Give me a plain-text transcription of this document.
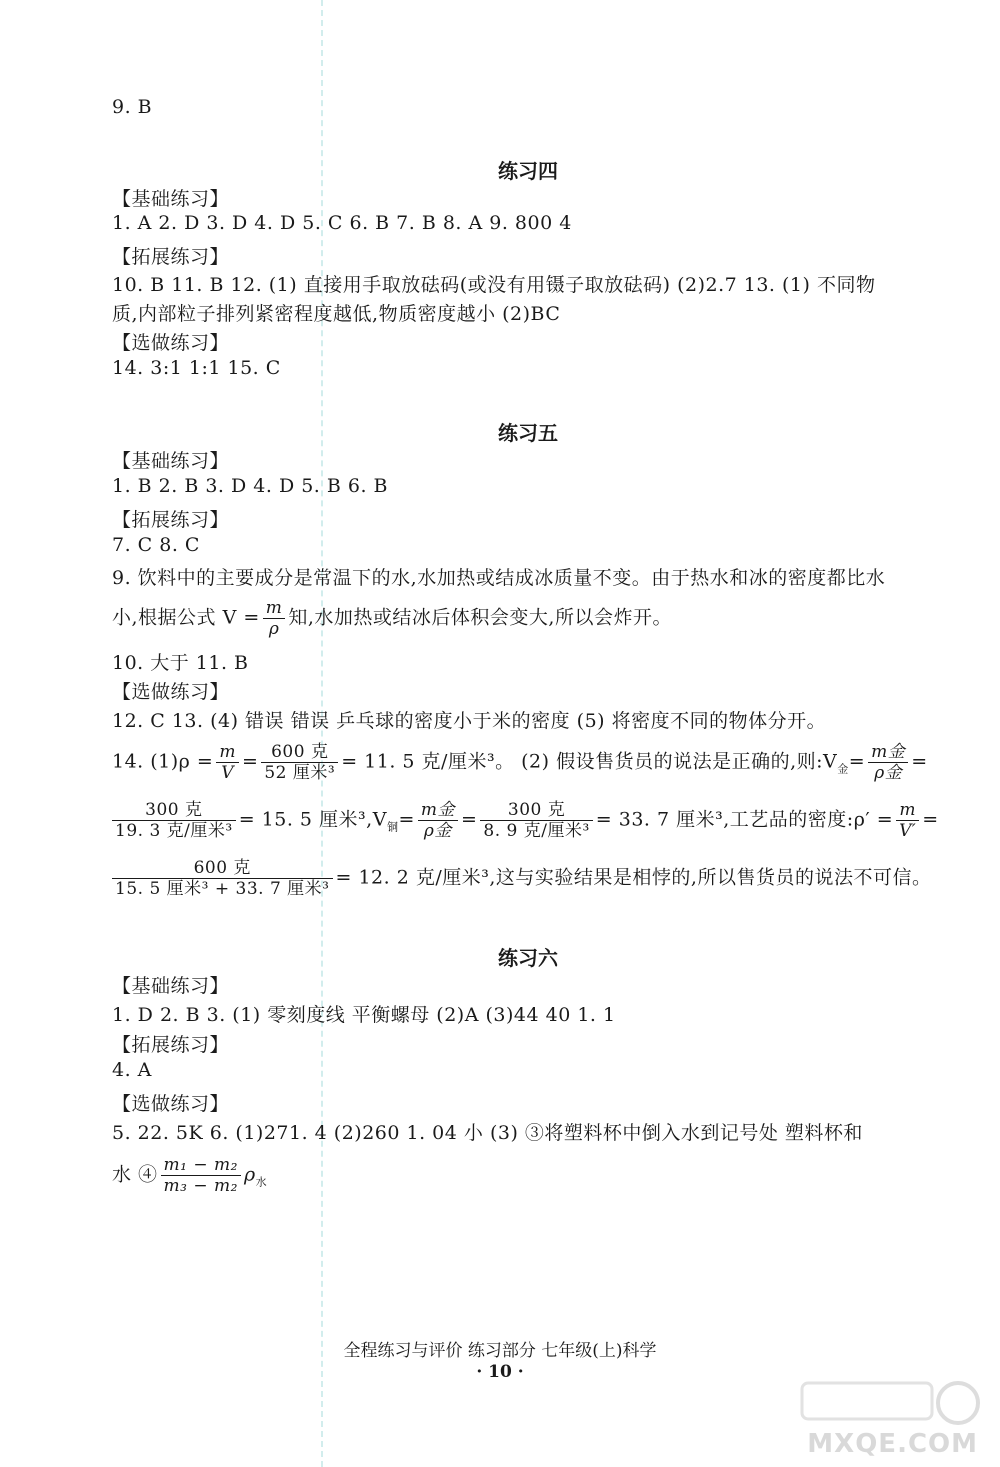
9. B
练习四
【基础练习】
1. A 2. D 3. D 4. D 5. C 6. B 7. B 8. A 9. 800 4
【拓展练习】
10. B 11. B 12. (1) 直接用手取放砝码(或没有用镊子取放砝码) (2)2.7 13. (1) 不同物
质,内部粒子排列紧密程度越低,物质密度越小 (2)BC
【选做练习】
14. 3:1 1:1 15. C
练习五
【基础练习】
1. B 2. B 3. D 4. D 5. B 6. B
【拓展练习】
7. C 8. C
9. 饮料中的主要成分是常温下的水,水加热或结成冰质量不变。由于热水和冰的密度都比水
小,根据公式 $V = \frac{m}{\rho}$ 知,水加热或结冰后体积会变大,所以会炸开。
10. 大于 11. B
【选做练习】
12. C 13. (4) 错误 错误 乒乓球的密度小于米的密度 (5) 将密度不同的物体分开。
14. $(1)\rho = \frac{m}{V} = \frac{\text{600 克}}{\text{52 厘米³}} = 11$. 5 克/厘米³。 (2) 假设售货员的说法是正确的,则$:V_金= \frac{\text{m金}}{\text{ρ金}}$ =
$\frac{\text{300 克}}{\text{19. 3 克/厘米³}} = 15$. 5 厘米$^3,V_铜= \frac{\text{m金}}{\text{ρ金}} = \frac{\text{300 克}}{\text{8. 9 克/厘米³}} = 33$. 7 厘米³,工艺品的密度:ρ′ = $\frac{m}{V'}$ =
$\frac{\text{600 克}}{\text{15. 5 厘米³ + 33. 7 厘米³}} = 12$. 2 克/厘米³,这与实验结果是相悖的,所以售货员的说法不可信。
练习六
【基础练习】
1. D 2. B 3. (1) 零刻度线 平衡螺母 (2)A (3)44 40 1. 1
【拓展练习】
4. A
【选做练习】
5. 22. 5K 6. (1)271. 4 (2)260 1. 04 小 (3) ③将塑料杯中倒入水到记号处 塑料杯和
水 ④ $\frac{\text{m₁ − m₂}}{\text{m₃ − m₂}} \rho_水$
全程练习与评价 练习部分 七年级(上)科学
· 10 ·
MXQE.COM
